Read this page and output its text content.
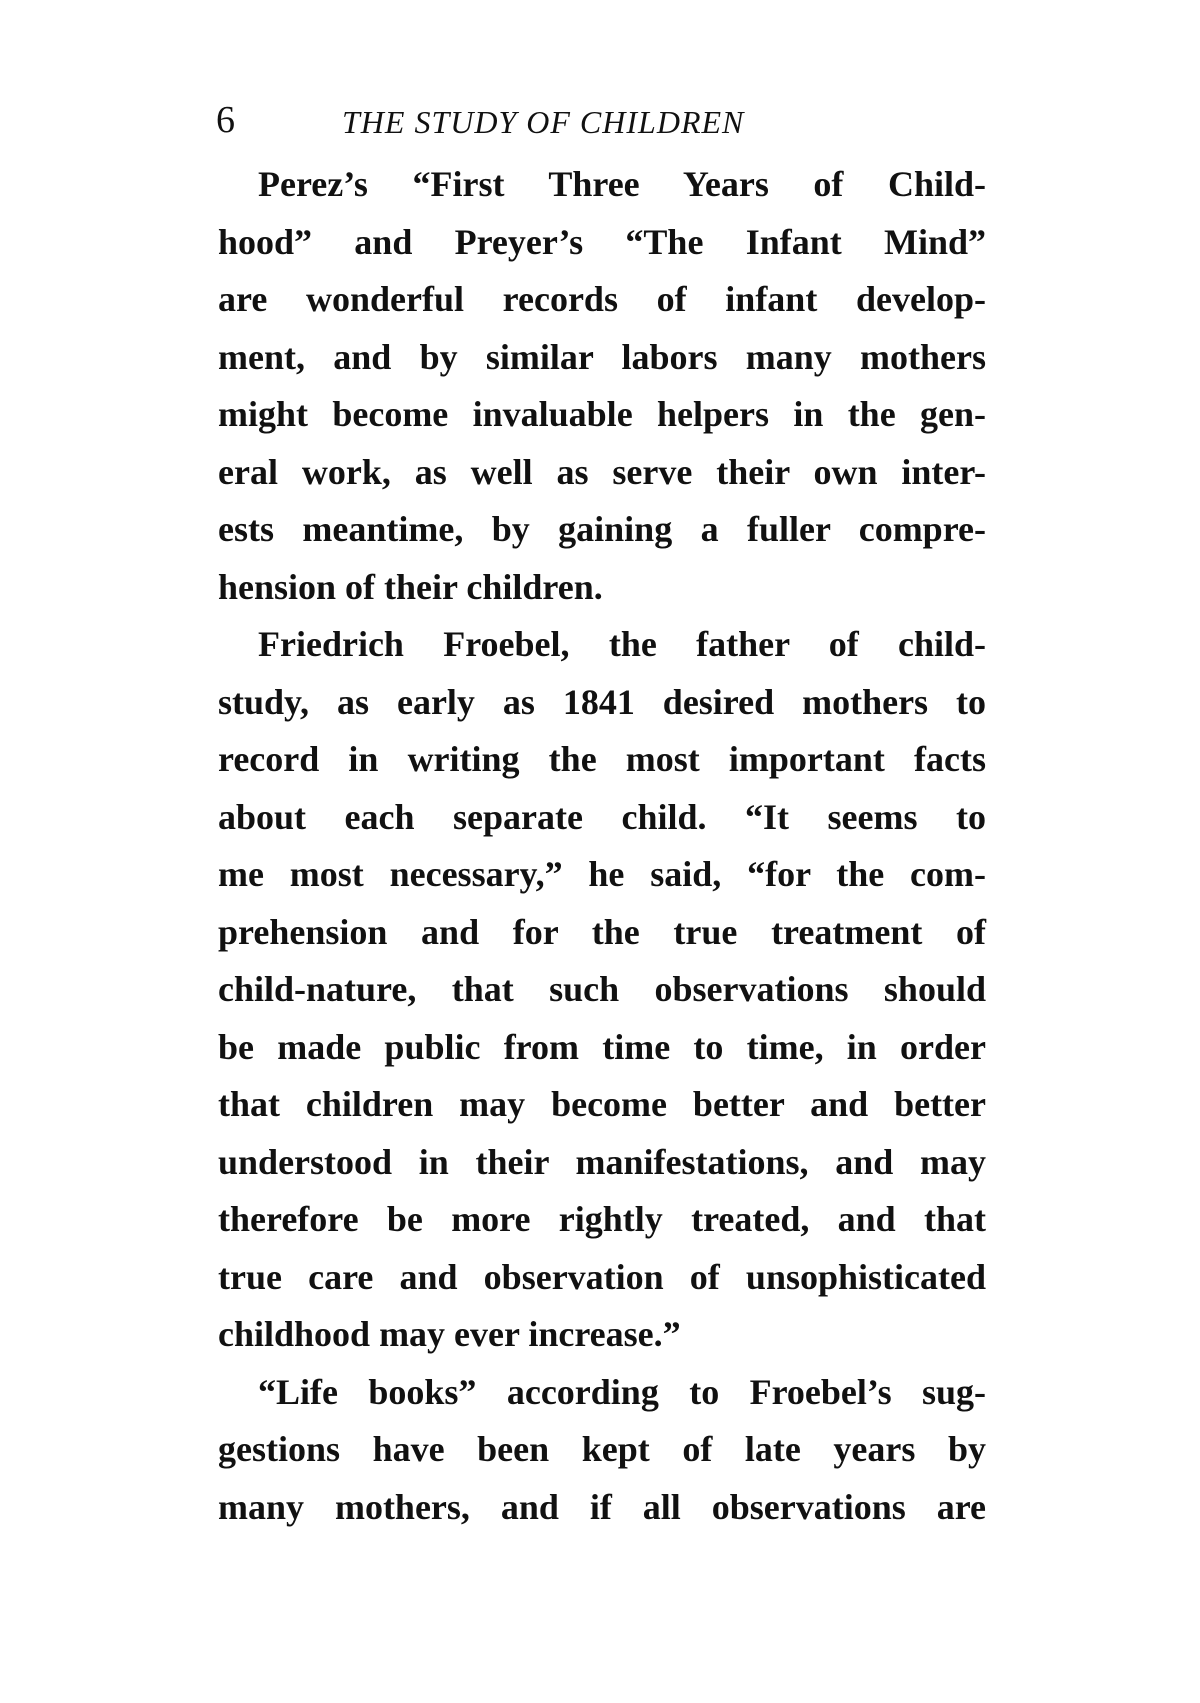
6	THE STUDY OF CHILDREN
Perez’s “First Three Years of Child-
hood” and Preyer’s “The Infant Mind”
are wonderful records of infant develop-
ment, and by similar labors many mothers
might become invaluable helpers in the gen-
eral work, as well as serve their own inter-
ests meantime, by gaining a fuller compre-
hension of their children.
Friedrich Froebel, the father of child-
study, as early as 1841 desired mothers to
record in writing the most important facts
about each separate child. “It seems to
me most necessary,” he said, “for the com-
prehension and for the true treatment of
child-nature, that such observations should
be made public from time to time, in order
that children may become better and better
understood in their manifestations, and may
therefore be more rightly treated, and that
true care and observation of unsophisticated
childhood may ever increase.”
“Life books” according to Froebel’s sug-
gestions have been kept of late years by
many mothers, and if all observations are
